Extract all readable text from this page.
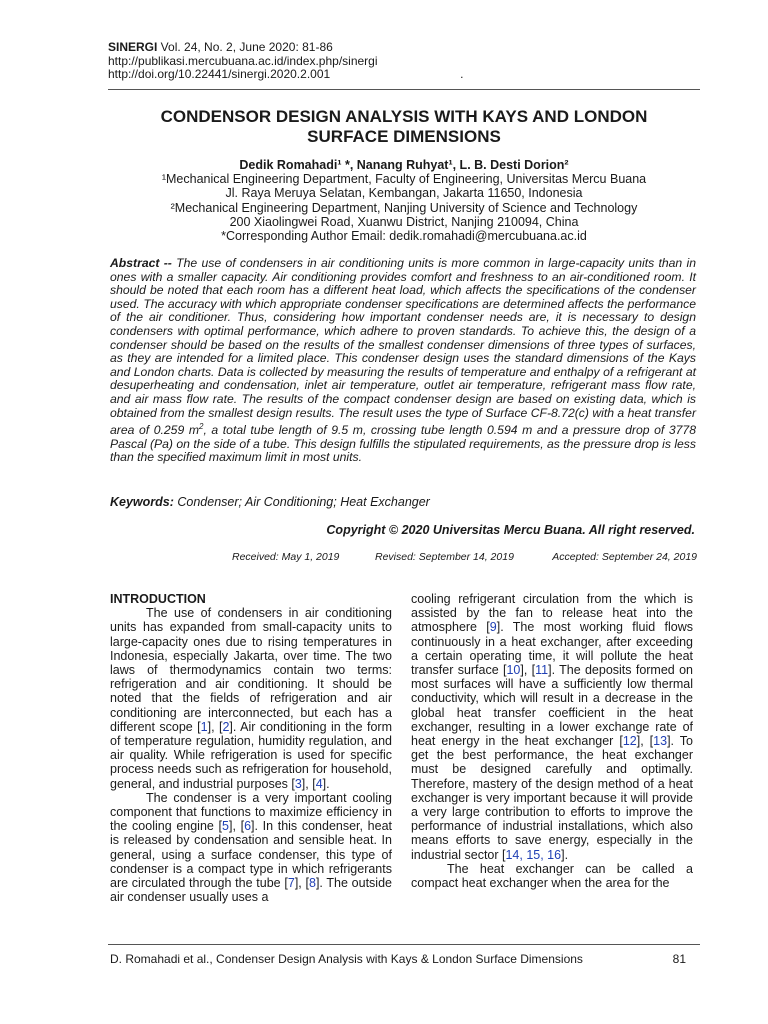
SINERGI Vol. 24, No. 2, June 2020: 81-86
http://publikasi.mercubuana.ac.id/index.php/sinergi
http://doi.org/10.22441/sinergi.2020.2.001	.
CONDENSOR DESIGN ANALYSIS WITH KAYS AND LONDON
SURFACE DIMENSIONS
Dedik Romahadi¹ *, Nanang Ruhyat¹, L. B. Desti Dorion²
¹Mechanical Engineering Department, Faculty of Engineering, Universitas Mercu Buana
Jl. Raya Meruya Selatan, Kembangan, Jakarta 11650, Indonesia
²Mechanical Engineering Department, Nanjing University of Science and Technology
200 Xiaolingwei Road, Xuanwu District, Nanjing 210094, China
*Corresponding Author Email: dedik.romahadi@mercubuana.ac.id
Abstract -- The use of condensers in air conditioning units is more common in large-capacity units than in ones with a smaller capacity. Air conditioning provides comfort and freshness to an air-conditioned room. It should be noted that each room has a different heat load, which affects the specifications of the condenser used. The accuracy with which appropriate condenser specifications are determined affects the performance of the air conditioner. Thus, considering how important condenser needs are, it is necessary to design condensers with optimal performance, which adhere to proven standards. To achieve this, the design of a condenser should be based on the results of the smallest condenser dimensions of three types of surfaces, as they are intended for a limited place. This condenser design uses the standard dimensions of the Kays and London charts. Data is collected by measuring the results of temperature and enthalpy of a refrigerant at desuperheating and condensation, inlet air temperature, outlet air temperature, refrigerant mass flow rate, and air mass flow rate. The results of the compact condenser design are based on existing data, which is obtained from the smallest design results. The result uses the type of Surface CF-8.72(c) with a heat transfer area of 0.259 $m^2$, a total tube length of 9.5 m, crossing tube length 0.594 m and a pressure drop of 3778 Pascal (Pa) on the side of a tube. This design fulfills the stipulated requirements, as the pressure drop is less than the specified maximum limit in most units.
Keywords: Condenser; Air Conditioning; Heat Exchanger
Copyright © 2020 Universitas Mercu Buana. All right reserved.
Received: May 1, 2019	Revised: September 14, 2019	Accepted: September 24, 2019

INTRODUCTION

The use of condensers in air conditioning units has expanded from small-capacity units to large-capacity ones due to rising temperatures in Indonesia, especially Jakarta, over time. The two laws of thermodynamics contain two terms: refrigeration and air conditioning. It should be noted that the fields of refrigeration and air conditioning are interconnected, but each has a different scope [1], [2]. Air conditioning in the form of temperature regulation, humidity regulation, and air quality. While refrigeration is used for specific process needs such as refrigeration for household, general, and industrial purposes [3], [4].

The condenser is a very important cooling component that functions to maximize efficiency in the cooling engine [5], [6]. In this condenser, heat is released by condensation and sensible heat. In general, using a surface condenser, this type of condenser is a compact type in which refrigerants are circulated through the tube [7], [8]. The outside air condenser usually uses a

cooling refrigerant circulation from the which is assisted by the fan to release heat into the atmosphere [9]. The most working fluid flows continuously in a heat exchanger, after exceeding a certain operating time, it will pollute the heat transfer surface [10], [11]. The deposits formed on most surfaces will have a sufficiently low thermal conductivity, which will result in a decrease in the global heat transfer coefficient in the heat exchanger, resulting in a lower exchange rate of heat energy in the heat exchanger [12], [13]. To get the best performance, the heat exchanger must be designed carefully and optimally. Therefore, mastery of the design method of a heat exchanger is very important because it will provide a very large contribution to efforts to improve the performance of industrial installations, which also means efforts to save energy, especially in the industrial sector [14, 15, 16].

The heat exchanger can be called a compact heat exchanger when the area for the

D. Romahadi et al., Condenser Design Analysis with Kays & London Surface Dimensions	81
